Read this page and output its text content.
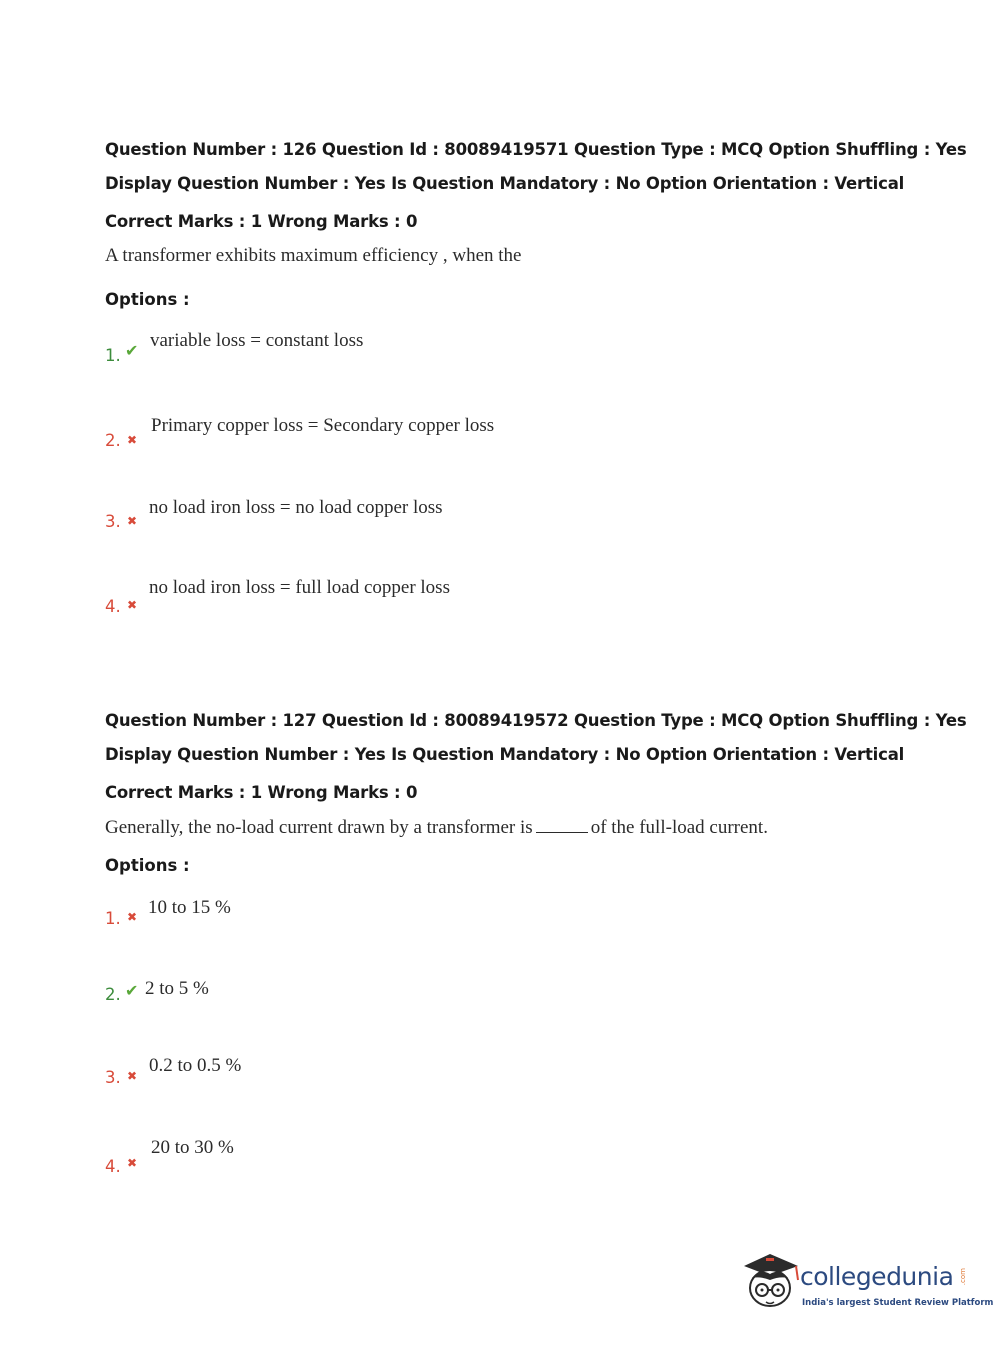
Question Number : 126 Question Id : 80089419571 Question Type : MCQ Option Shuffling : Yes
Display Question Number : Yes Is Question Mandatory : No Option Orientation : Vertical
Correct Marks : 1 Wrong Marks : 0
A transformer exhibits maximum efficiency , when the
Options :
1. ✔ variable loss = constant loss
2. ✖
Primary copper loss = Secondary copper loss
3. ✖
no load iron loss = no load copper loss
4. ✖
no load iron loss = full load copper loss
Question Number : 127 Question Id : 80089419572 Question Type : MCQ Option Shuffling : Yes
Display Question Number : Yes Is Question Mandatory : No Option Orientation : Vertical
Correct Marks : 1 Wrong Marks : 0
Generally, the no-load current drawn by a transformer is	of the full-load current.
Options :
1. ✖ 10 to 15 %
2. ✔ 2 to 5 %
3. ✖ 0.2 to 0.5 %
4. ✖
20 to 30 %
collegedunia .com
India's largest Student Review Platform
